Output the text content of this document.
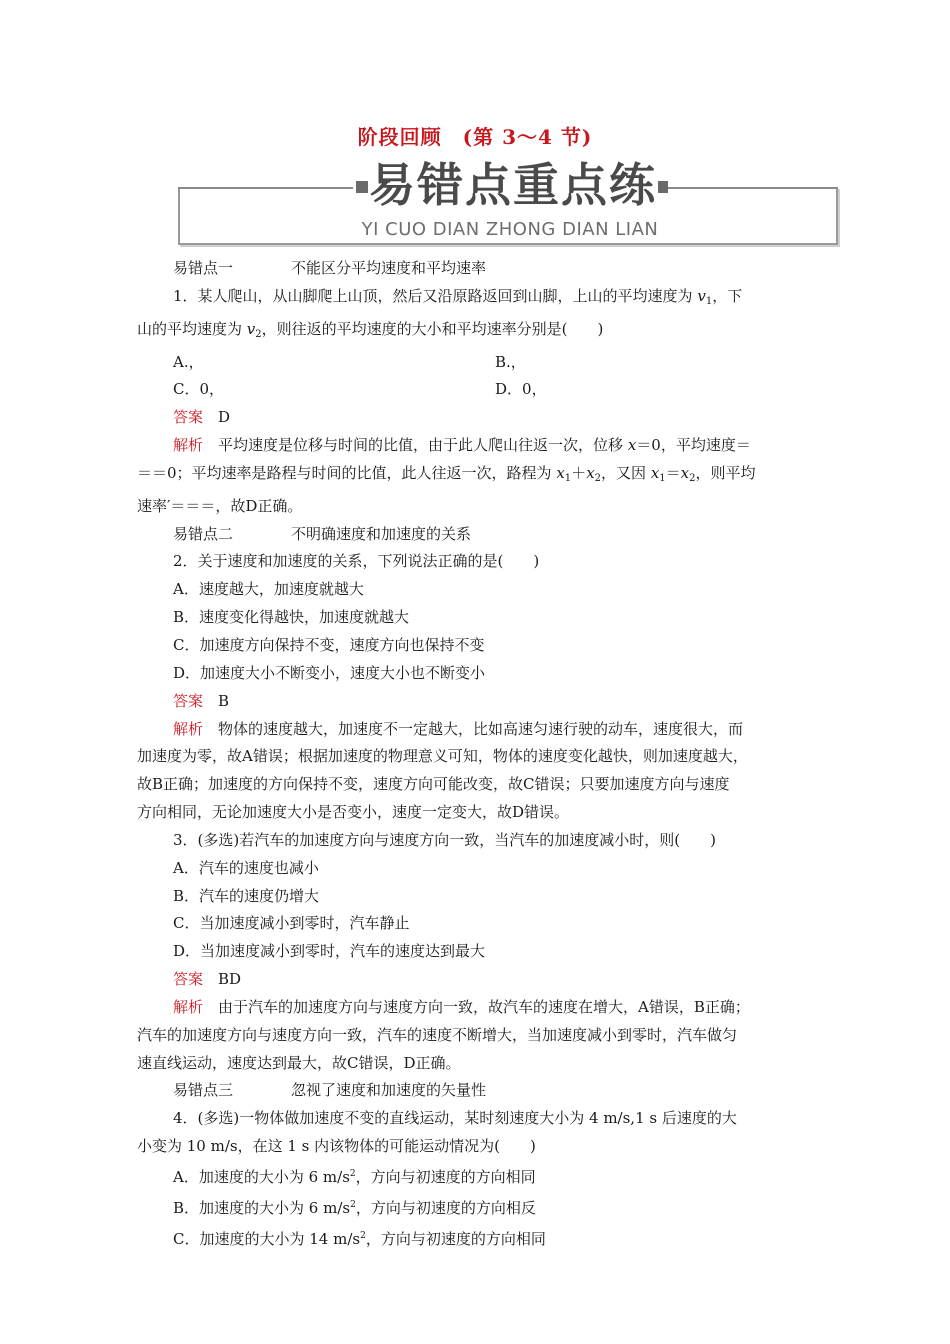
阶段回顾　(第 3～4 节)
易错点重点练
YI CUO DIAN ZHONG DIAN LIAN

易错点一	不能区分平均速度和平均速率

1．某人爬山，从山脚爬上山顶，然后又沿原路返回到山脚，上山的平均速度为 $v_1$，下

山的平均速度为 $v_2$，则往返的平均速度的大小和平均速率分别是(　　)

A.，	B.，
C．0，	D．0，

答案　 D

解析　 平均速度是位移与时间的比值，由于此人爬山往返一次，位移 x＝0，平均速度＝

＝＝0；平均速率是路程与时间的比值，此人往返一次，路程为 $x_1+x_2$，又因 $x_1=x_2$，则平均

速率′＝＝＝，故D正确。

易错点二	不明确速度和加速度的关系

2．关于速度和加速度的关系，下列说法正确的是(　　)

A．速度越大，加速度就越大

B．速度变化得越快，加速度就越大

C．加速度方向保持不变，速度方向也保持不变

D．加速度大小不断变小，速度大小也不断变小

答案　 B

解析　 物体的速度越大，加速度不一定越大，比如高速匀速行驶的动车，速度很大，而

加速度为零，故A错误；根据加速度的物理意义可知，物体的速度变化越快，则加速度越大，

故B正确；加速度的方向保持不变，速度方向可能改变，故C错误；只要加速度方向与速度

方向相同，无论加速度大小是否变小，速度一定变大，故D错误。

3．(多选)若汽车的加速度方向与速度方向一致，当汽车的加速度减小时，则(　　)

A．汽车的速度也减小

B．汽车的速度仍增大

C．当加速度减小到零时，汽车静止

D．当加速度减小到零时，汽车的速度达到最大

答案　 BD

解析　 由于汽车的加速度方向与速度方向一致，故汽车的速度在增大，A错误，B正确；

汽车的加速度方向与速度方向一致，汽车的速度不断增大，当加速度减小到零时，汽车做匀

速直线运动，速度达到最大，故C错误，D正确。

易错点三	忽视了速度和加速度的矢量性

4．(多选)一物体做加速度不变的直线运动，某时刻速度大小为 4 m/s,1 s 后速度的大

小变为 10 m/s，在这 1 s 内该物体的可能运动情况为(　　)

A．加速度的大小为 6 $m/s^2$，方向与初速度的方向相同

B．加速度的大小为 6 $m/s^2$，方向与初速度的方向相反

C．加速度的大小为 14 $m/s^2$，方向与初速度的方向相同
